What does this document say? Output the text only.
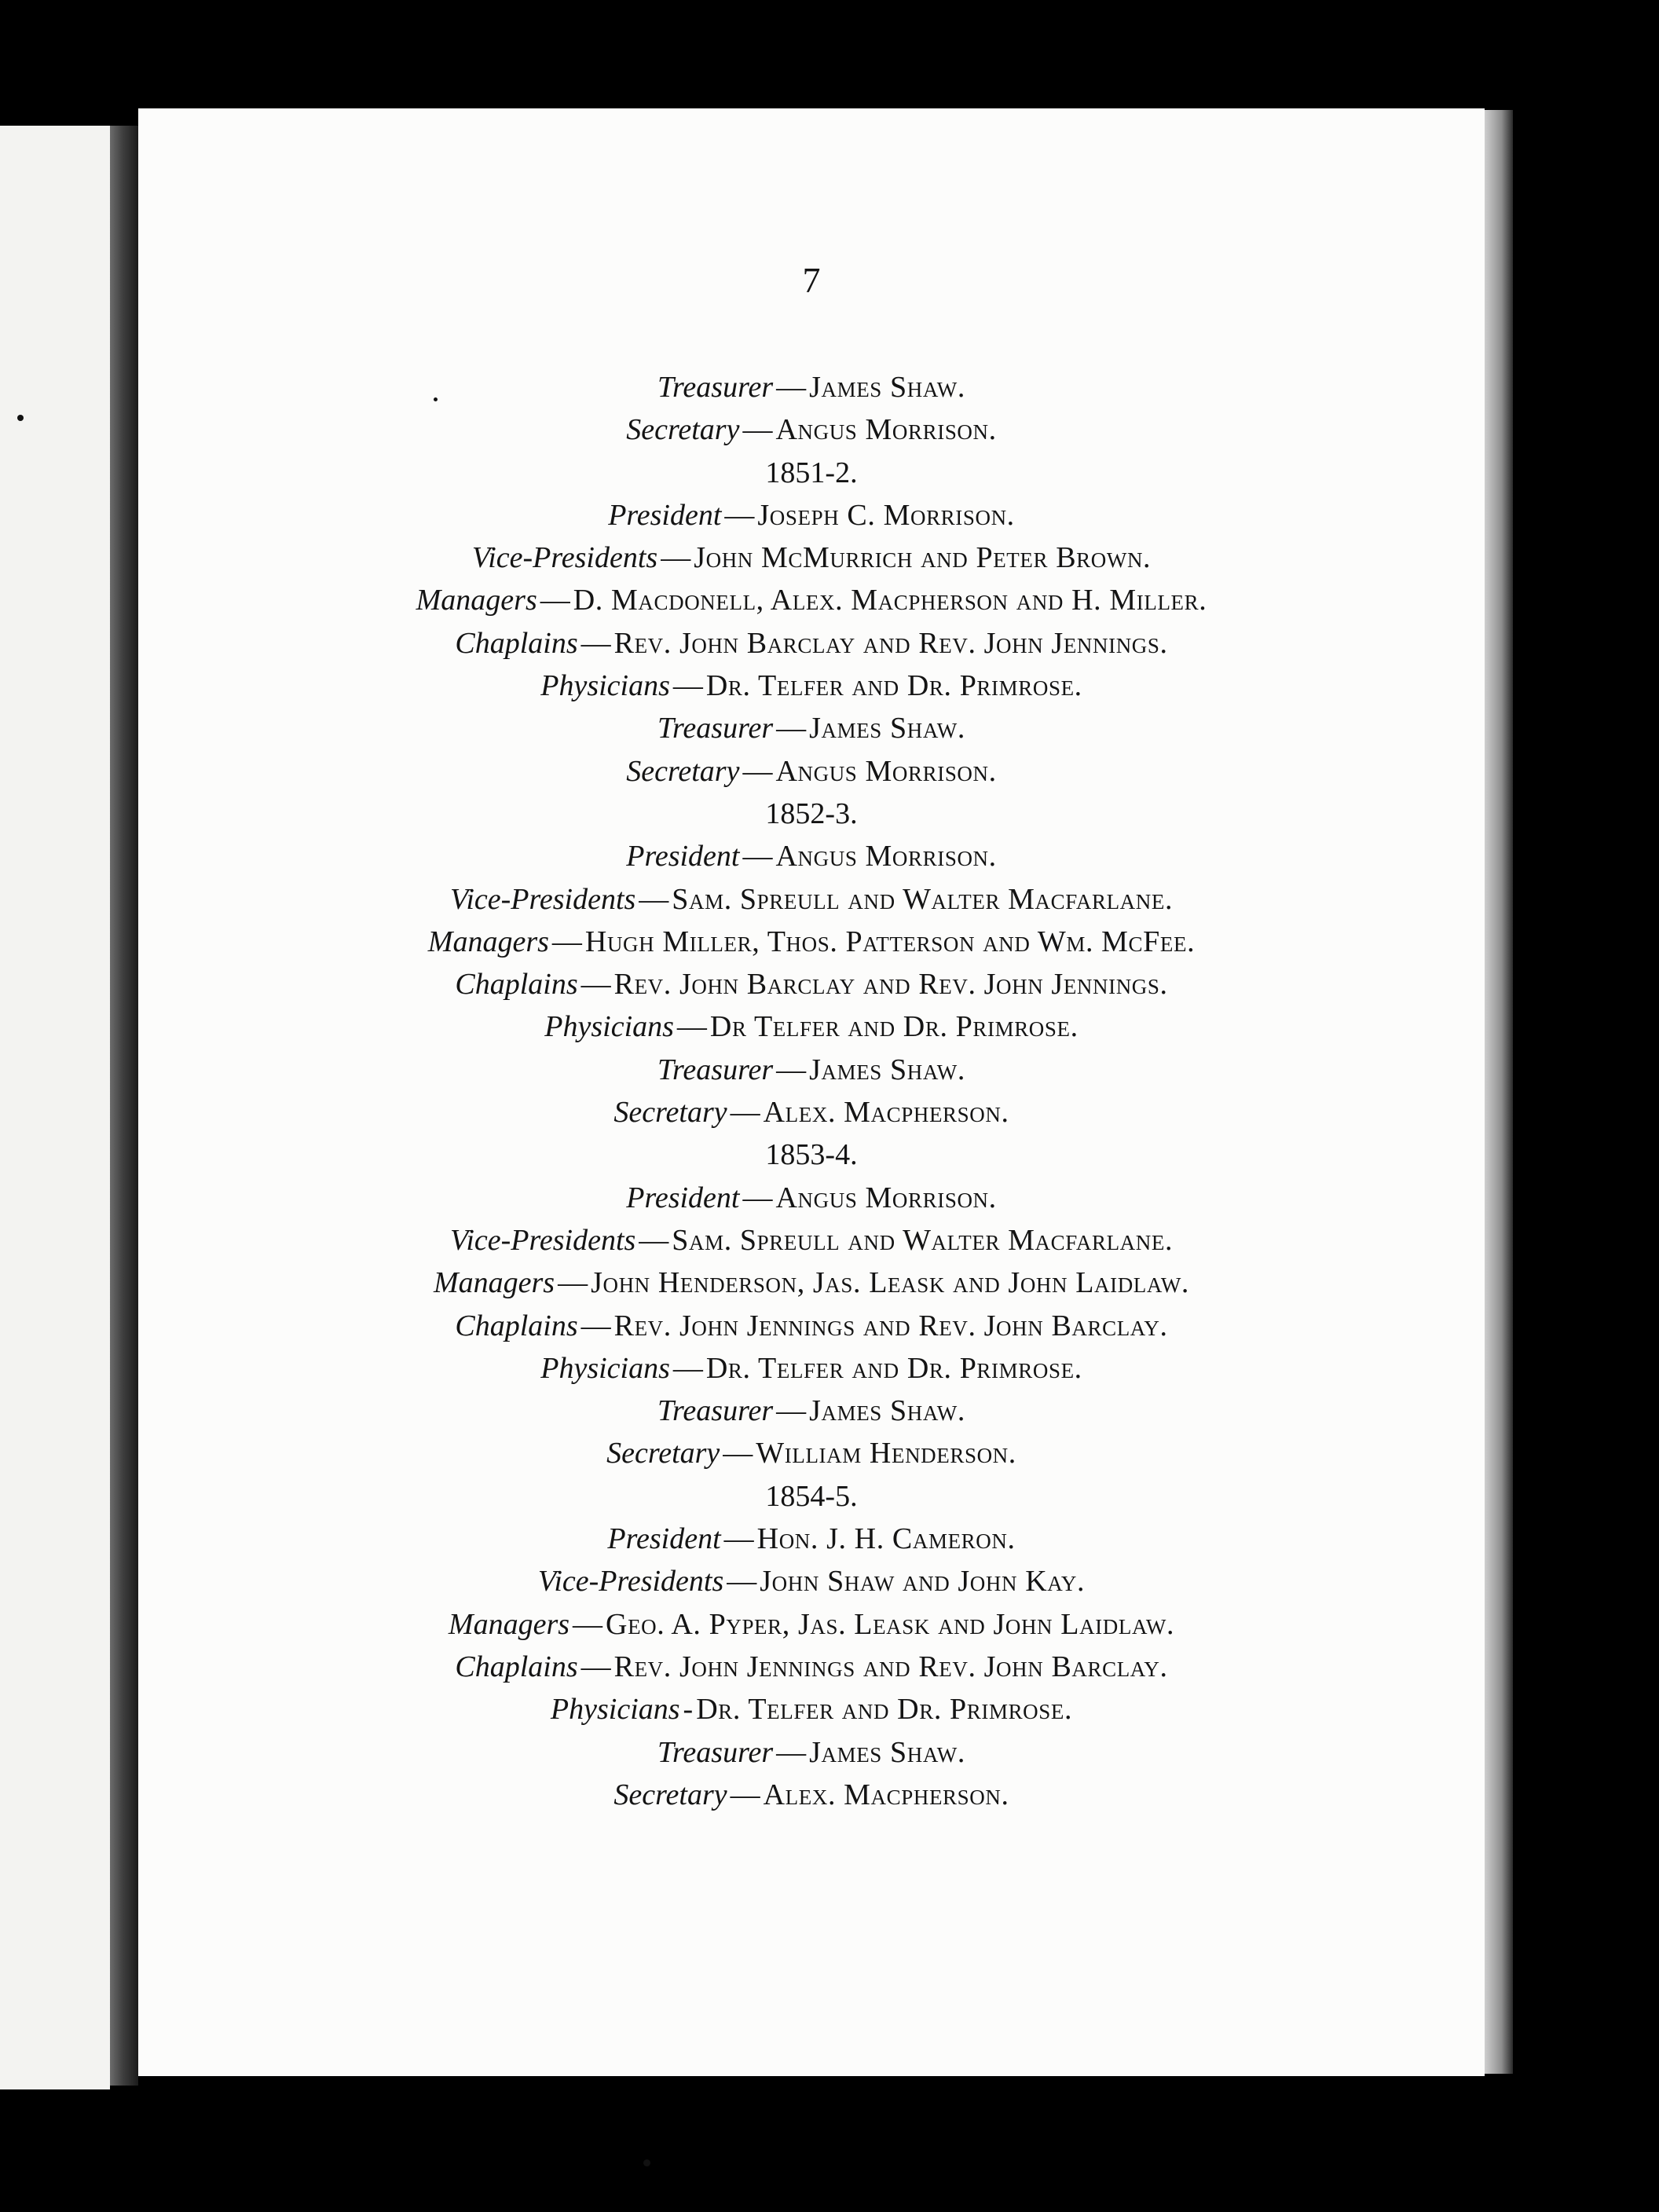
7
Treasurer — James Shaw.
Secretary — Angus Morrison.
1851-2.
President — Joseph C. Morrison.
Vice-Presidents — John McMurrich and Peter Brown.
Managers — D. Macdonell, Alex. Macpherson and H. Miller.
Chaplains — Rev. John Barclay and Rev. John Jennings.
Physicians — Dr. Telfer and Dr. Primrose.
Treasurer — James Shaw.
Secretary — Angus Morrison.
1852-3.
President — Angus Morrison.
Vice-Presidents — Sam. Spreull and Walter Macfarlane.
Managers — Hugh Miller, Thos. Patterson and Wm. McFee.
Chaplains — Rev. John Barclay and Rev. John Jennings.
Physicians — Dr Telfer and Dr. Primrose.
Treasurer — James Shaw.
Secretary — Alex. Macpherson.
1853-4.
President — Angus Morrison.
Vice-Presidents — Sam. Spreull and Walter Macfarlane.
Managers — John Henderson, Jas. Leask and John Laidlaw.
Chaplains — Rev. John Jennings and Rev. John Barclay.
Physicians — Dr. Telfer and Dr. Primrose.
Treasurer — James Shaw.
Secretary — William Henderson.
1854-5.
President — Hon. J. H. Cameron.
Vice-Presidents — John Shaw and John Kay.
Managers — Geo. A. Pyper, Jas. Leask and John Laidlaw.
Chaplains — Rev. John Jennings and Rev. John Barclay.
Physicians - Dr. Telfer and Dr. Primrose.
Treasurer — James Shaw.
Secretary — Alex. Macpherson.
